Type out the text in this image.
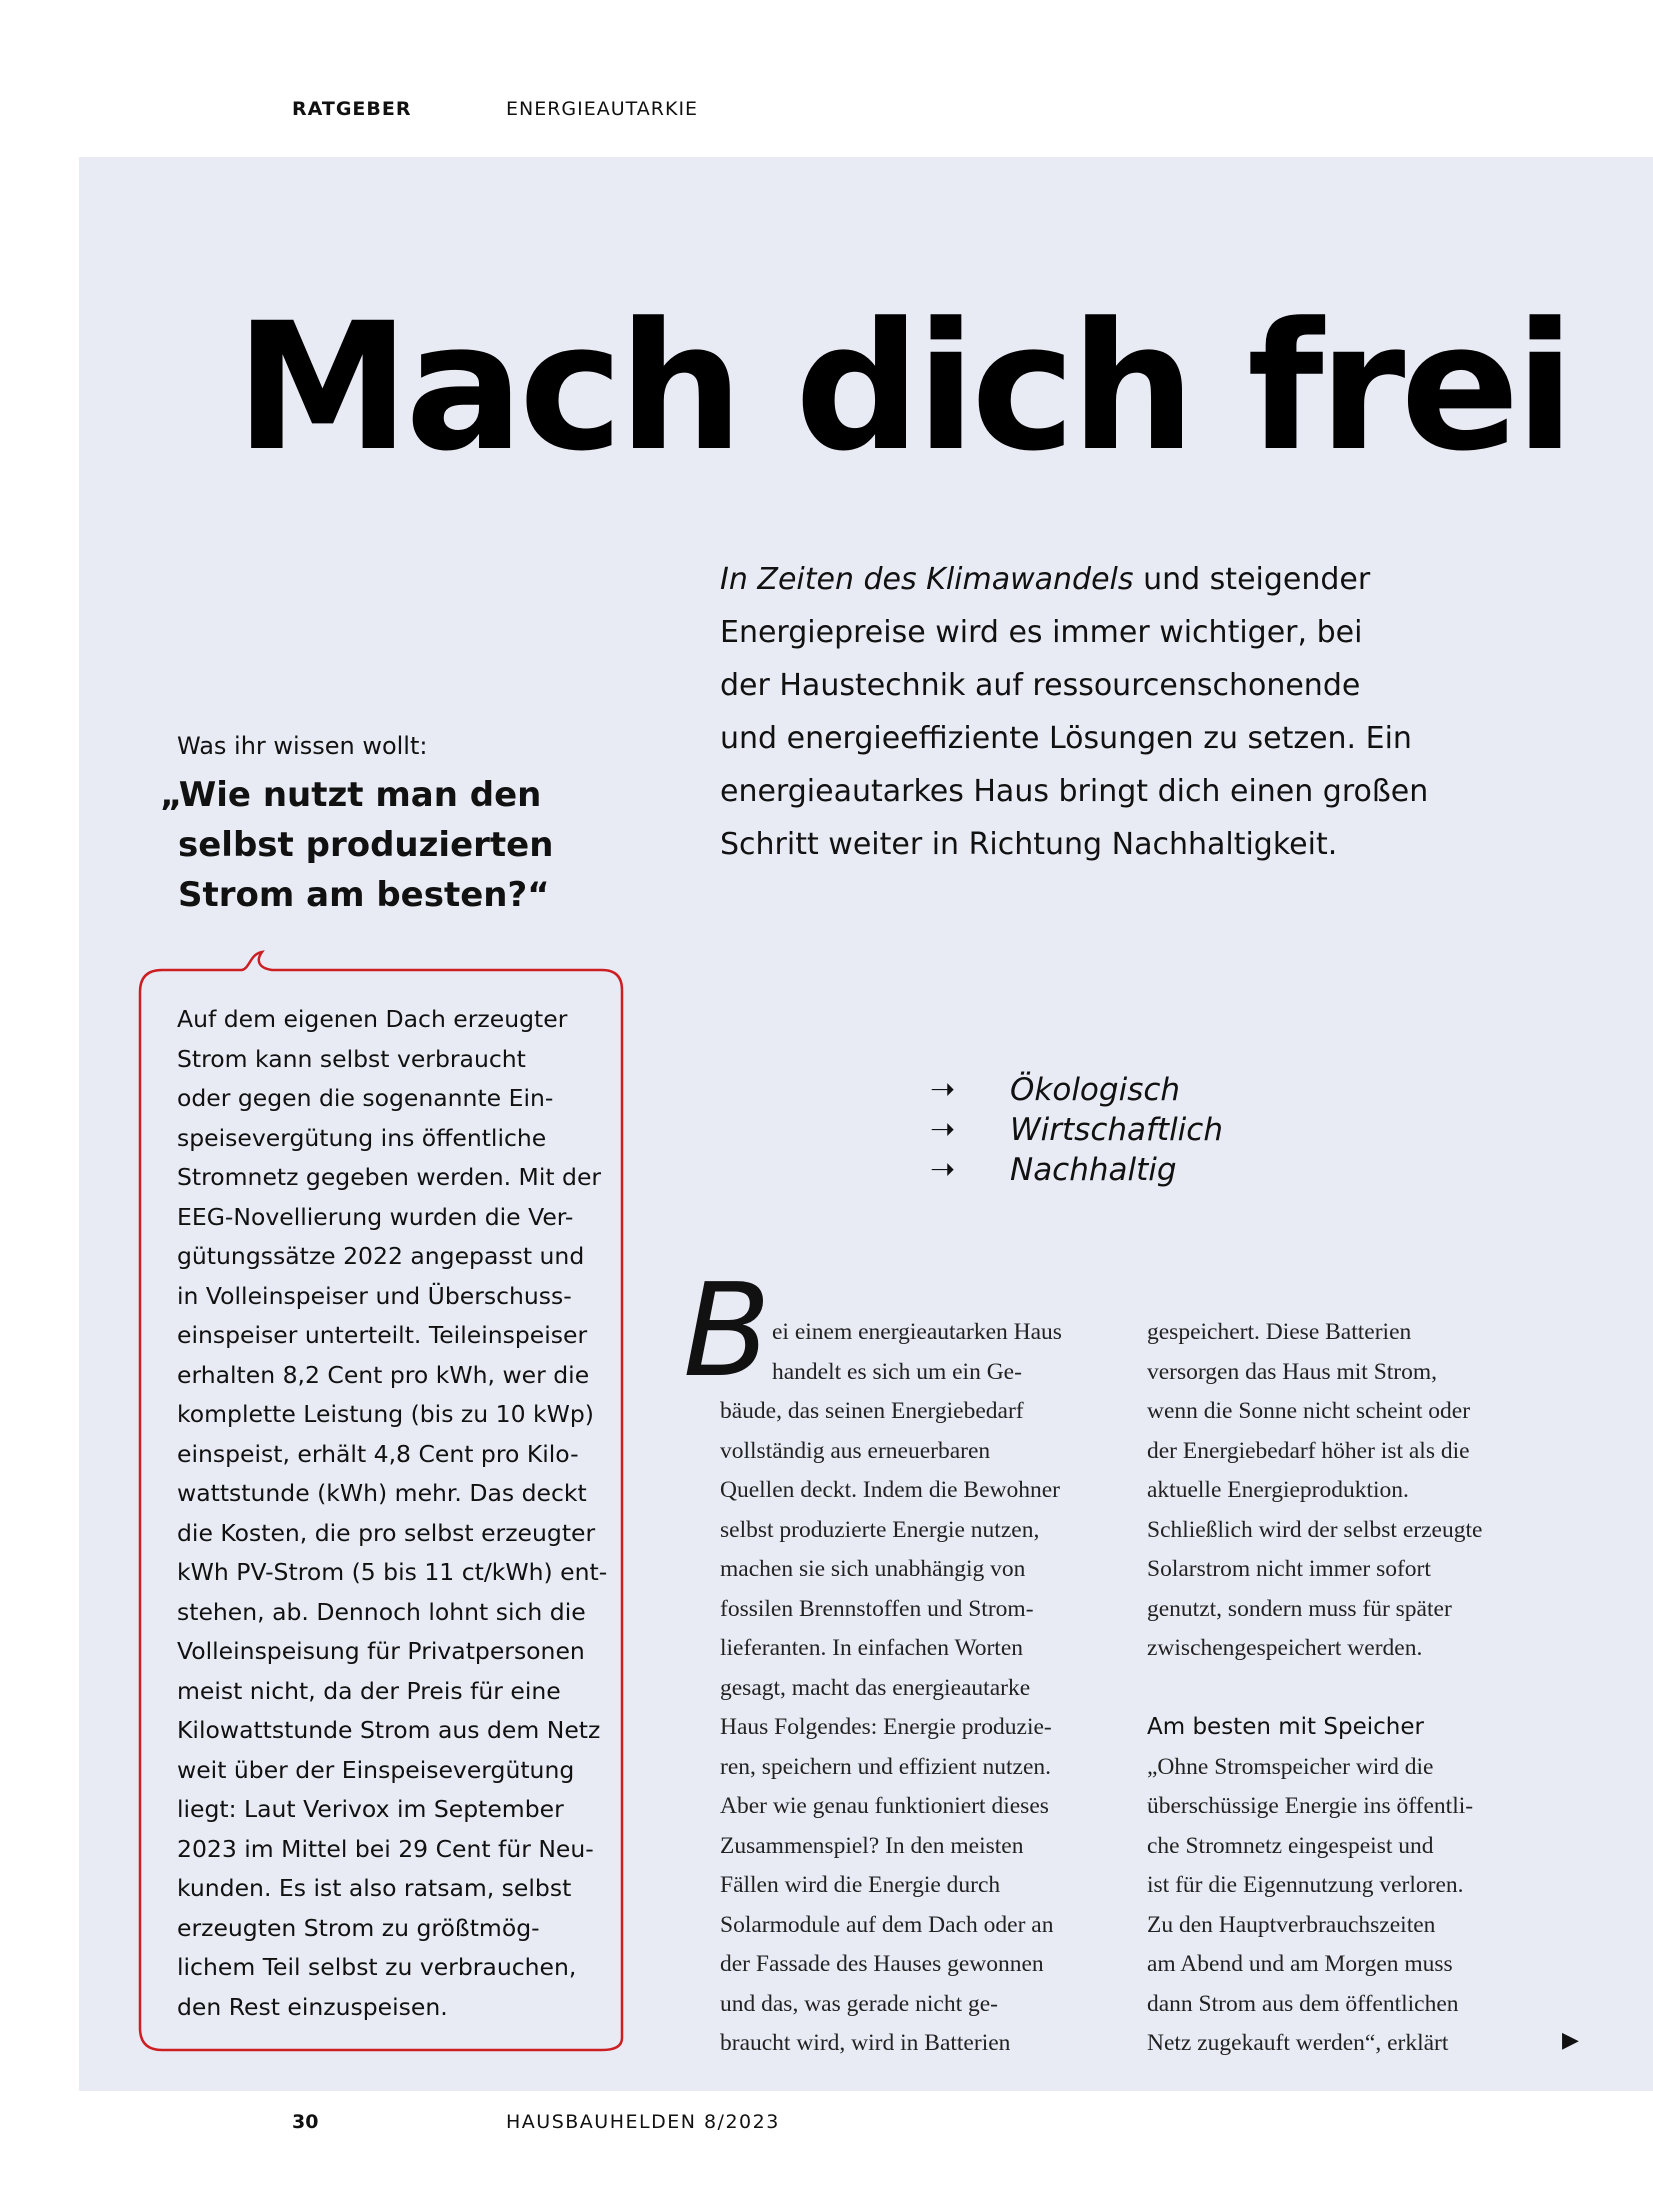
RATGEBER	ENERGIEAUTARKIE
Mach dich frei
In Zeiten des Klimawandels und steigender
Energiepreise wird es immer wichtiger, bei
der Haustechnik auf ressourcenschonende
und energieeffiziente Lösungen zu setzen. Ein
energieautarkes Haus bringt dich einen großen
Schritt weiter in Richtung Nachhaltigkeit.
Was ihr wissen wollt:
„Wie nutzt man den
selbst produzierten
Strom am besten?“
Auf dem eigenen Dach erzeugter
Strom kann selbst verbraucht
oder gegen die sogenannte Ein-
speisevergütung ins öffentliche
Stromnetz gegeben werden. Mit der
EEG-Novellierung wurden die Ver-
gütungssätze 2022 angepasst und
in Volleinspeiser und Überschuss-
einspeiser unterteilt. Teileinspeiser
erhalten 8,2 Cent pro kWh, wer die
komplette Leistung (bis zu 10 kWp)
einspeist, erhält 4,8 Cent pro Kilo-
wattstunde (kWh) mehr. Das deckt
die Kosten, die pro selbst erzeugter
kWh PV-Strom (5 bis 11 ct/kWh) ent-
stehen, ab. Dennoch lohnt sich die
Volleinspeisung für Privatpersonen
meist nicht, da der Preis für eine
Kilowattstunde Strom aus dem Netz
weit über der Einspeisevergütung
liegt: Laut Verivox im September
2023 im Mittel bei 29 Cent für Neu-
kunden. Es ist also ratsam, selbst
erzeugten Strom zu größtmög-
lichem Teil selbst zu verbrauchen,
den Rest einzuspeisen.
➝	Ökologisch
➝	Wirtschaftlich
➝	Nachhaltig
B ei einem energieautarken Haus
handelt es sich um ein Ge-
bäude, das seinen Energiebedarf
vollständig aus erneuerbaren
Quellen deckt. Indem die Bewohner
selbst produzierte Energie nutzen,
machen sie sich unabhängig von
fossilen Brennstoffen und Strom-
lieferanten. In einfachen Worten
gesagt, macht das energieautarke
Haus Folgendes: Energie produzie-
ren, speichern und effizient nutzen.
Aber wie genau funktioniert dieses
Zusammenspiel? In den meisten
Fällen wird die Energie durch
Solarmodule auf dem Dach oder an
der Fassade des Hauses gewonnen
und das, was gerade nicht ge-
braucht wird, wird in Batterien
gespeichert. Diese Batterien
versorgen das Haus mit Strom,
wenn die Sonne nicht scheint oder
der Energiebedarf höher ist als die
aktuelle Energieproduktion.
Schließlich wird der selbst erzeugte
Solarstrom nicht immer sofort
genutzt, sondern muss für später
zwischengespeichert werden.
Am besten mit Speicher
„Ohne Stromspeicher wird die
überschüssige Energie ins öffentli-
che Stromnetz eingespeist und
ist für die Eigennutzung verloren.
Zu den Hauptverbrauchszeiten
am Abend und am Morgen muss
dann Strom aus dem öffentlichen
Netz zugekauft werden“, erklärt	▶
30	HAUSBAUHELDEN 8/2023
